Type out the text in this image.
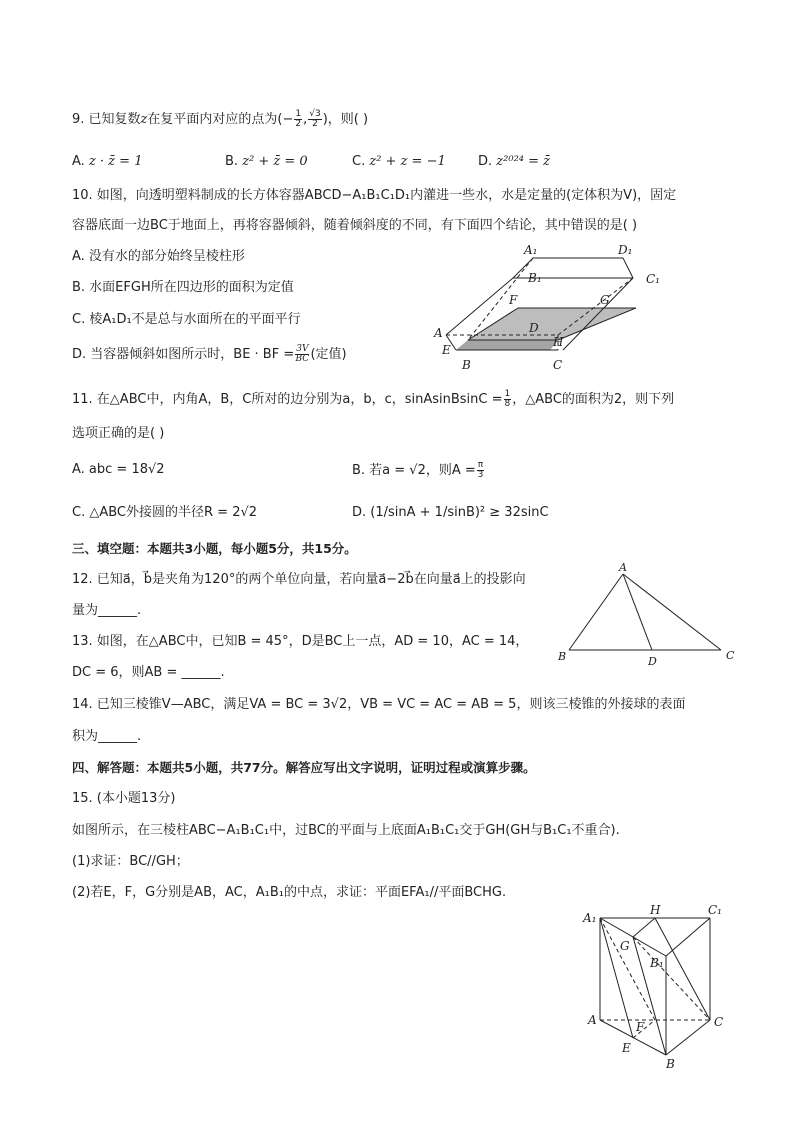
9. 已知复数z在复平面内对应的点为(− $\frac{1}{2}$ , $\frac{√3}{2}$ )，则( )
A. z · z̄ = 1	B. z² + z̄ = 0	C. z² + z = −1 D. z²⁰²⁴ = z̄
10. 如图，向透明塑料制成的长方体容器ABCD−A₁B₁C₁D₁内灌进一些水，水是定量的(定体积为V)，固定
容器底面一边BC于地面上，再将容器倾斜，随着倾斜度的不同，有下面四个结论，其中错误的是( )
A. 没有水的部分始终呈棱柱形
B. 水面EFGH所在四边形的面积为定值
C. 棱A₁D₁不是总与水面所在的平面平行
D. 当容器倾斜如图所示时，BE · BF = $\frac{3V}{BC}$ (定值)
A₁	D₁
B₁	C₁
F	G
D
A
H
E
B	C
11. 在△ABC中，内角A，B，C所对的边分别为a，b，c，sinAsinBsinC = $\frac{1}{8}$ ，△ABC的面积为2，则下列
选项正确的是( )
A. abc = 18√2	B. 若a = √2，则$A = \frac{\pi}{3}$
C. △ABC外接圆的半径R = 2√2	D. (1/sinA + 1/sinB)² ≥ 32sinC
三、填空题：本题共3小题，每小题5分，共15分。
12. 已知a⃗，b⃗是夹角为120°的两个单位向量，若向量a⃗−2b⃗在向量a⃗上的投影向
量为______.
13. 如图，在△ABC中，已知B = 45°，D是BC上一点，AD = 10，AC = 14，
DC = 6，则AB = ______.
A
B	D	C
14. 已知三棱锥V—ABC，满足VA = BC = 3√2，VB = VC = AC = AB = 5，则该三棱锥的外接球的表面
积为______.
四、解答题：本题共5小题，共77分。解答应写出文字说明，证明过程或演算步骤。
15. (本小题13分)
如图所示，在三棱柱ABC−A₁B₁C₁中，过BC的平面与上底面A₁B₁C₁交于GH(GH与B₁C₁不重合).
(1)求证：BC//GH；
(2)若E，F，G分别是AB，AC，A₁B₁的中点，求证：平面EFA₁//平面BCHG.
A₁
H	C₁
G
B₁
A	F	C
E
B
